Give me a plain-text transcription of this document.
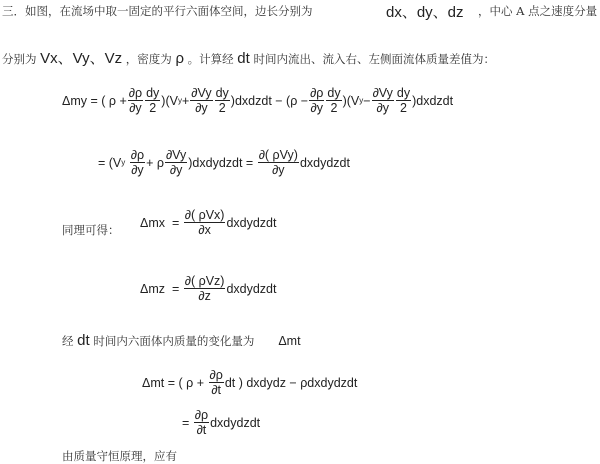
三．如图，在流场中取一固定的平行六面体空间，边长分别为	dx、dy、dz ，中心 A 点之速度分量
分别为 Vx、Vy、Vz ，密度为 ρ 。计算经 dt 时间内流出、流入右、左侧面流体质量差值为：
Δmy
= ( $\rho + \frac{\partial\rho}{\partial y} \frac{dy}{2} )(V$ $y + \frac{\partial Vy}{\partial y} \frac{dy}{2}$ )dxdzdt − $(\rho - \frac{\partial\rho}{\partial y} \frac{dy}{2} )(V$ $y - \frac{\partial Vy}{\partial y} \frac{dy}{2}$ )dxdzdt
= (V y
$\frac{\partial\rho}{\partial y} + \rho \frac{\partial Vy}{\partial y}$ )dxdydzdt =
$\frac{\text{∂( ρVy)}}{\partial y}$ dxdydzdt
同理可得：
Δmx
=
$\frac{\text{∂( ρVx)}}{\partial x}$ dxdydzdt
Δmz
=
$\frac{\text{∂( ρVz)}}{\partial z}$ dxdydzdt
经
dt
时间内六面体内质量的变化量为 Δmt
Δmt
= ( ρ +
$\frac{\partial\rho}{\partial t}$ dt ) dxdydz − ρdxdydzdt
=
$\frac{\partial\rho}{\partial t}$ dxdydzdt
由质量守恒原理，应有
